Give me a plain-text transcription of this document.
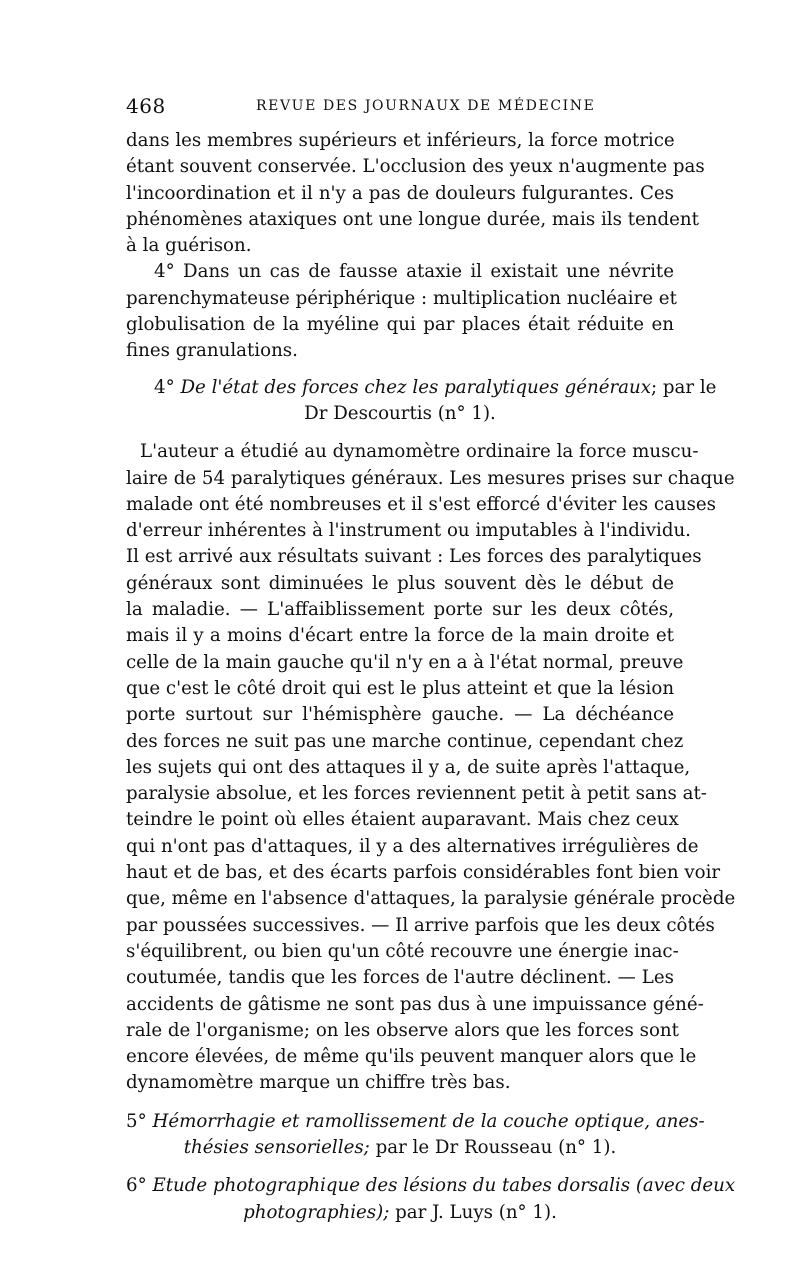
468	REVUE DES JOURNAUX DE MÉDECINE
dans les membres supérieurs et inférieurs, la force motrice
étant souvent conservée. L'occlusion des yeux n'augmente pas
l'incoordination et il n'y a pas de douleurs fulgurantes. Ces
phénomènes ataxiques ont une longue durée, mais ils tendent
à la guérison.
4° Dans un cas de fausse ataxie il existait une névrite
parenchymateuse périphérique : multiplication nucléaire et
globulisation de la myéline qui par places était réduite en
fines granulations.
4° De l'état des forces chez les paralytiques généraux; par le
Dr Descourtis (n° 1).
L'auteur a étudié au dynamomètre ordinaire la force muscu-
laire de 54 paralytiques généraux. Les mesures prises sur chaque
malade ont été nombreuses et il s'est efforcé d'éviter les causes
d'erreur inhérentes à l'instrument ou imputables à l'individu.
Il est arrivé aux résultats suivant : Les forces des paralytiques
généraux sont diminuées le plus souvent dès le début de
la maladie. — L'affaiblissement porte sur les deux côtés,
mais il y a moins d'écart entre la force de la main droite et
celle de la main gauche qu'il n'y en a à l'état normal, preuve
que c'est le côté droit qui est le plus atteint et que la lésion
porte surtout sur l'hémisphère gauche. — La déchéance
des forces ne suit pas une marche continue, cependant chez
les sujets qui ont des attaques il y a, de suite après l'attaque,
paralysie absolue, et les forces reviennent petit à petit sans at-
teindre le point où elles étaient auparavant. Mais chez ceux
qui n'ont pas d'attaques, il y a des alternatives irrégulières de
haut et de bas, et des écarts parfois considérables font bien voir
que, même en l'absence d'attaques, la paralysie générale procède
par poussées successives. — Il arrive parfois que les deux côtés
s'équilibrent, ou bien qu'un côté recouvre une énergie inac-
coutumée, tandis que les forces de l'autre déclinent. — Les
accidents de gâtisme ne sont pas dus à une impuissance géné-
rale de l'organisme; on les observe alors que les forces sont
encore élevées, de même qu'ils peuvent manquer alors que le
dynamomètre marque un chiffre très bas.
5° Hémorrhagie et ramollissement de la couche optique, anes-
thésies sensorielles; par le Dr Rousseau (n° 1).
6° Etude photographique des lésions du tabes dorsalis (avec deux
photographies); par J. Luys (n° 1).
